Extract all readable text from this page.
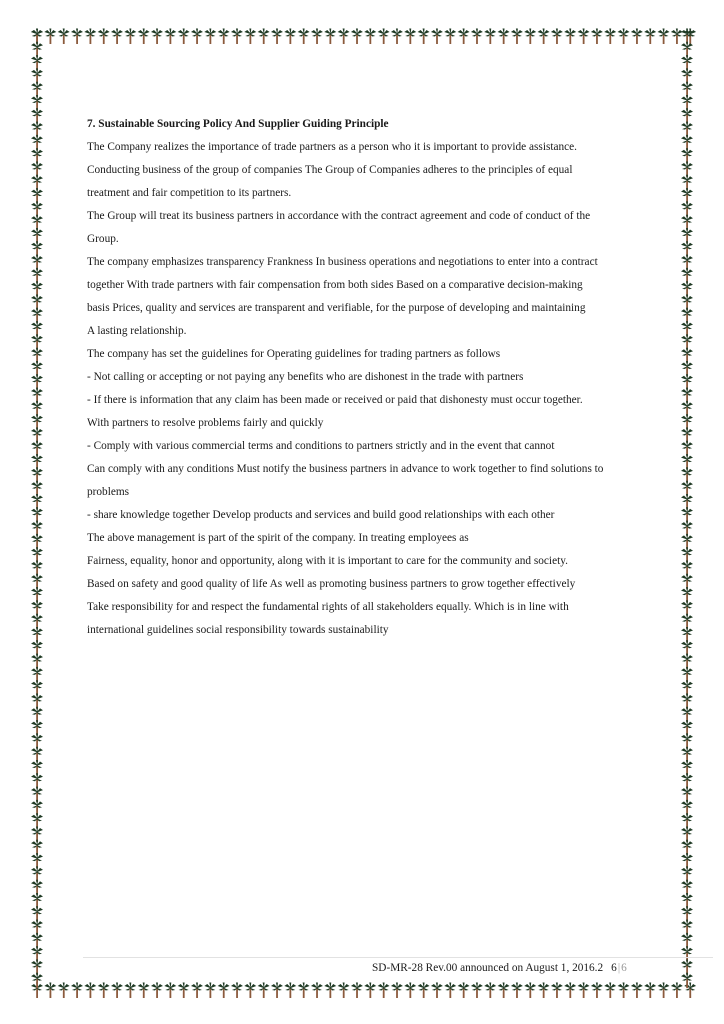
7. Sustainable Sourcing Policy And Supplier Guiding Principle

The Company realizes the importance of trade partners as a person who it is important to provide assistance.

Conducting business of the group of companies The Group of Companies adheres to the principles of equal

treatment and fair competition to its partners.

The Group will treat its business partners in accordance with the contract agreement and code of conduct of the

Group.

The company emphasizes transparency Frankness In business operations and negotiations to enter into a contract

together With trade partners with fair compensation from both sides Based on a comparative decision-making

basis Prices, quality and services are transparent and verifiable, for the purpose of developing and maintaining

A lasting relationship.

The company has set the guidelines for Operating guidelines for trading partners as follows

- Not calling or accepting or not paying any benefits who are dishonest in the trade with partners

- If there is information that any claim has been made or received or paid that dishonesty must occur together.

With partners to resolve problems fairly and quickly

- Comply with various commercial terms and conditions to partners strictly and in the event that cannot

Can comply with any conditions Must notify the business partners in advance to work together to find solutions to

problems

- share knowledge together Develop products and services and build good relationships with each other

The above management is part of the spirit of the company. In treating employees as

Fairness, equality, honor and opportunity, along with it is important to care for the community and society.

Based on safety and good quality of life As well as promoting business partners to grow together effectively

Take responsibility for and respect the fundamental rights of all stakeholders equally. Which is in line with

international guidelines social responsibility towards sustainability

SD-MR-28 Rev.00 announced on August 1, 2016.2 6|6
